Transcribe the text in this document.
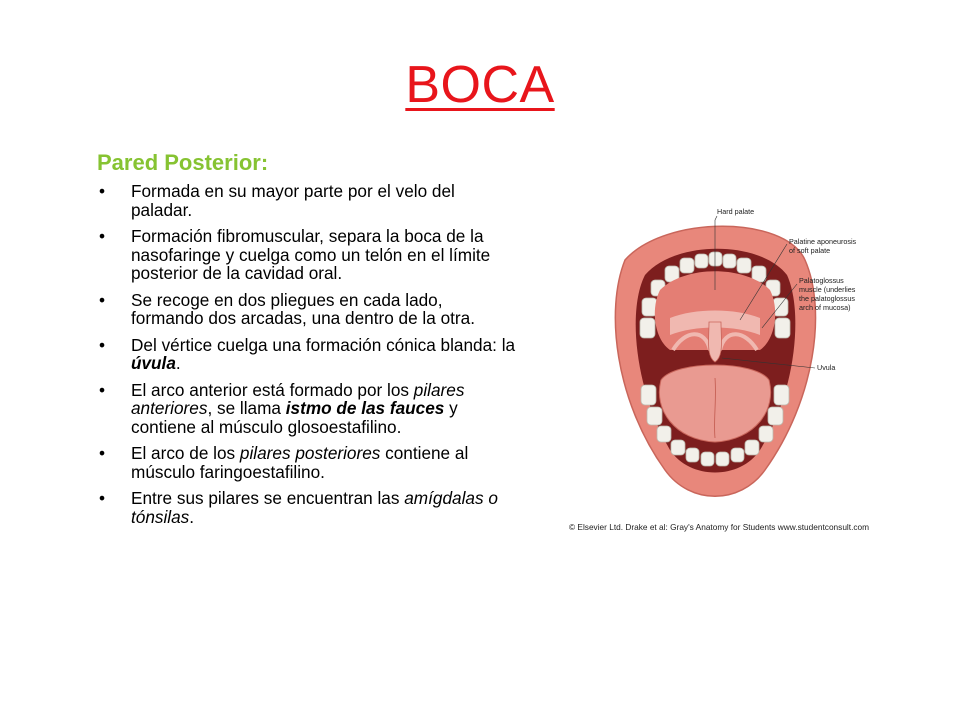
BOCA
Pared Posterior:
• Formada en su mayor parte por el velo del paladar.
• Formación fibromuscular, separa la boca de la nasofaringe y cuelga como un telón en el límite posterior de la cavidad oral.
• Se recoge en dos pliegues en cada lado, formando dos arcadas, una dentro de la otra.
• Del vértice cuelga una formación cónica blanda: la úvula.
• El arco anterior está formado por los pilares anteriores, se llama istmo de las fauces y contiene al músculo glosoestafilino.
• El arco de los pilares posteriores contiene al músculo faringoestafilino.
• Entre sus pilares se encuentran las amígdalas o tónsilas.
Hard palate
Palatine aponeurosis
of soft palate
Palatoglossus
muscle (underlies
the palatoglossus
arch of mucosa)
Uvula
© Elsevier Ltd. Drake et al: Gray's Anatomy for Students www.studentconsult.com
